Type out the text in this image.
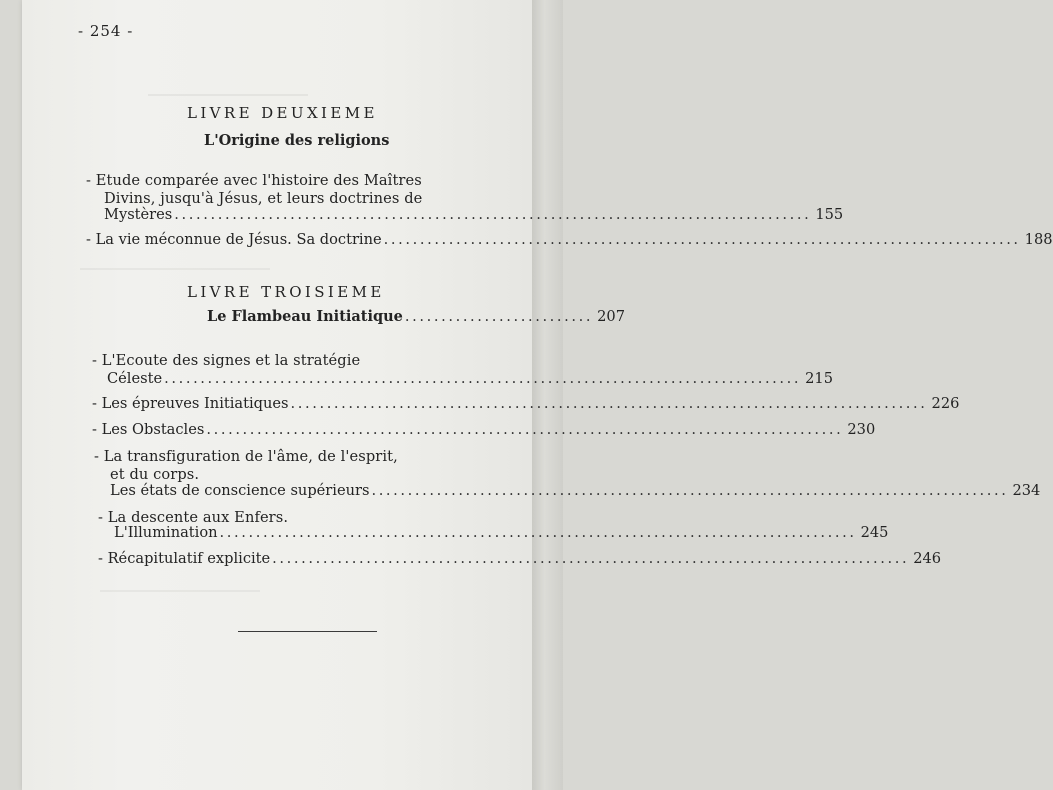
- 254 -
LIVRE DEUXIEME
L'Origine des religions
- Etude comparée avec l'histoire des Maîtres
Divins, jusqu'à Jésus, et leurs doctrines de
Mystères ........................................................................................ 155
- La vie méconnue de Jésus. Sa doctrine ........................................................................................ 188
LIVRE TROISIEME
Le Flambeau Initiatique .......................... 207
- L'Ecoute des signes et la stratégie
Céleste ........................................................................................ 215
- Les épreuves Initiatiques ........................................................................................ 226
- Les Obstacles ........................................................................................ 230
- La transfiguration de l'âme, de l'esprit,
et du corps.
Les états de conscience supérieurs ........................................................................................ 234
- La descente aux Enfers.
L'Illumination ........................................................................................ 245
- Récapitulatif explicite ........................................................................................ 246
